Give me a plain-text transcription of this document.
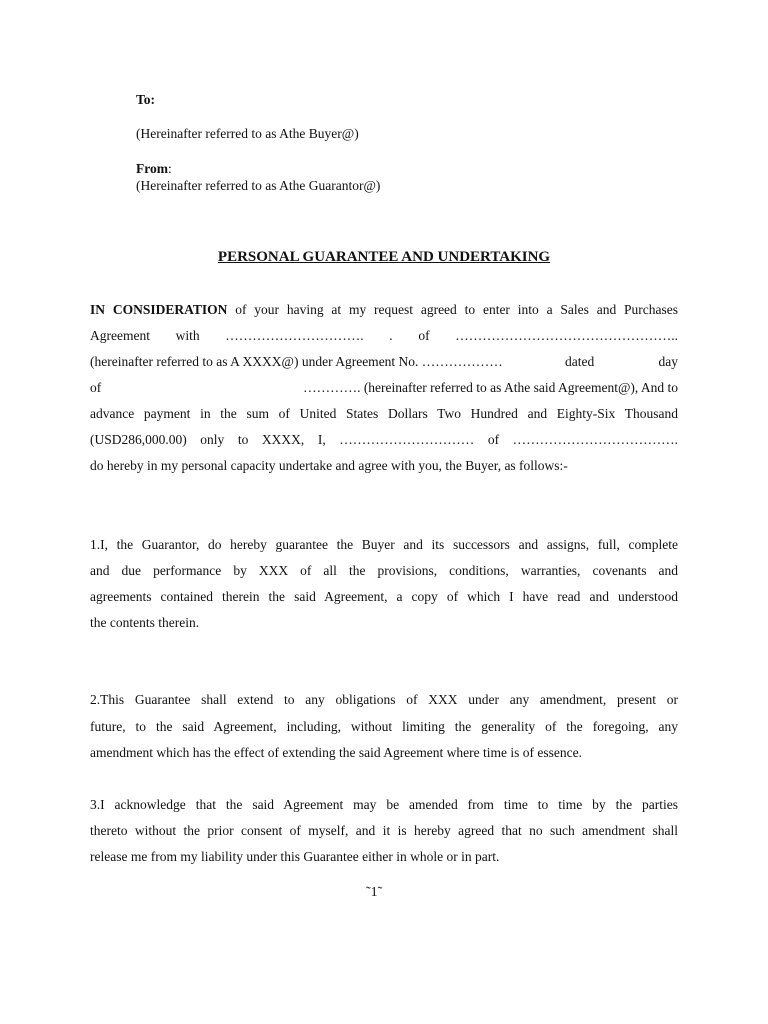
To:
(Hereinafter referred to as Athe Buyer@)
From:
(Hereinafter referred to as Athe Guarantor@)
PERSONAL GUARANTEE AND UNDERTAKING
IN CONSIDERATION of your having at my request agreed to enter into a Sales and Purchases
Agreement with …………………………. . of …………………………………………..
(hereinafter referred to as A XXXX@) under Agreement No. ………………	dated	day
of	…………. (hereinafter referred to as Athe said Agreement@), And to
advance payment in the sum of United States Dollars Two Hundred and Eighty-Six Thousand
(USD286,000.00) only to XXXX, I, ………………………… of ……………………………….
do hereby in my personal capacity undertake and agree with you, the Buyer, as follows:-
1.I, the Guarantor, do hereby guarantee the Buyer and its successors and assigns, full, complete
and due performance by XXX of all the provisions, conditions, warranties, covenants and
agreements contained therein the said Agreement, a copy of which I have read and understood
the contents therein.
2.This Guarantee shall extend to any obligations of XXX under any amendment, present or
future, to the said Agreement, including, without limiting the generality of the foregoing, any
amendment which has the effect of extending the said Agreement where time is of essence.
3.I acknowledge that the said Agreement may be amended from time to time by the parties
thereto without the prior consent of myself, and it is hereby agreed that no such amendment shall
release me from my liability under this Guarantee either in whole or in part.
˜1˜
